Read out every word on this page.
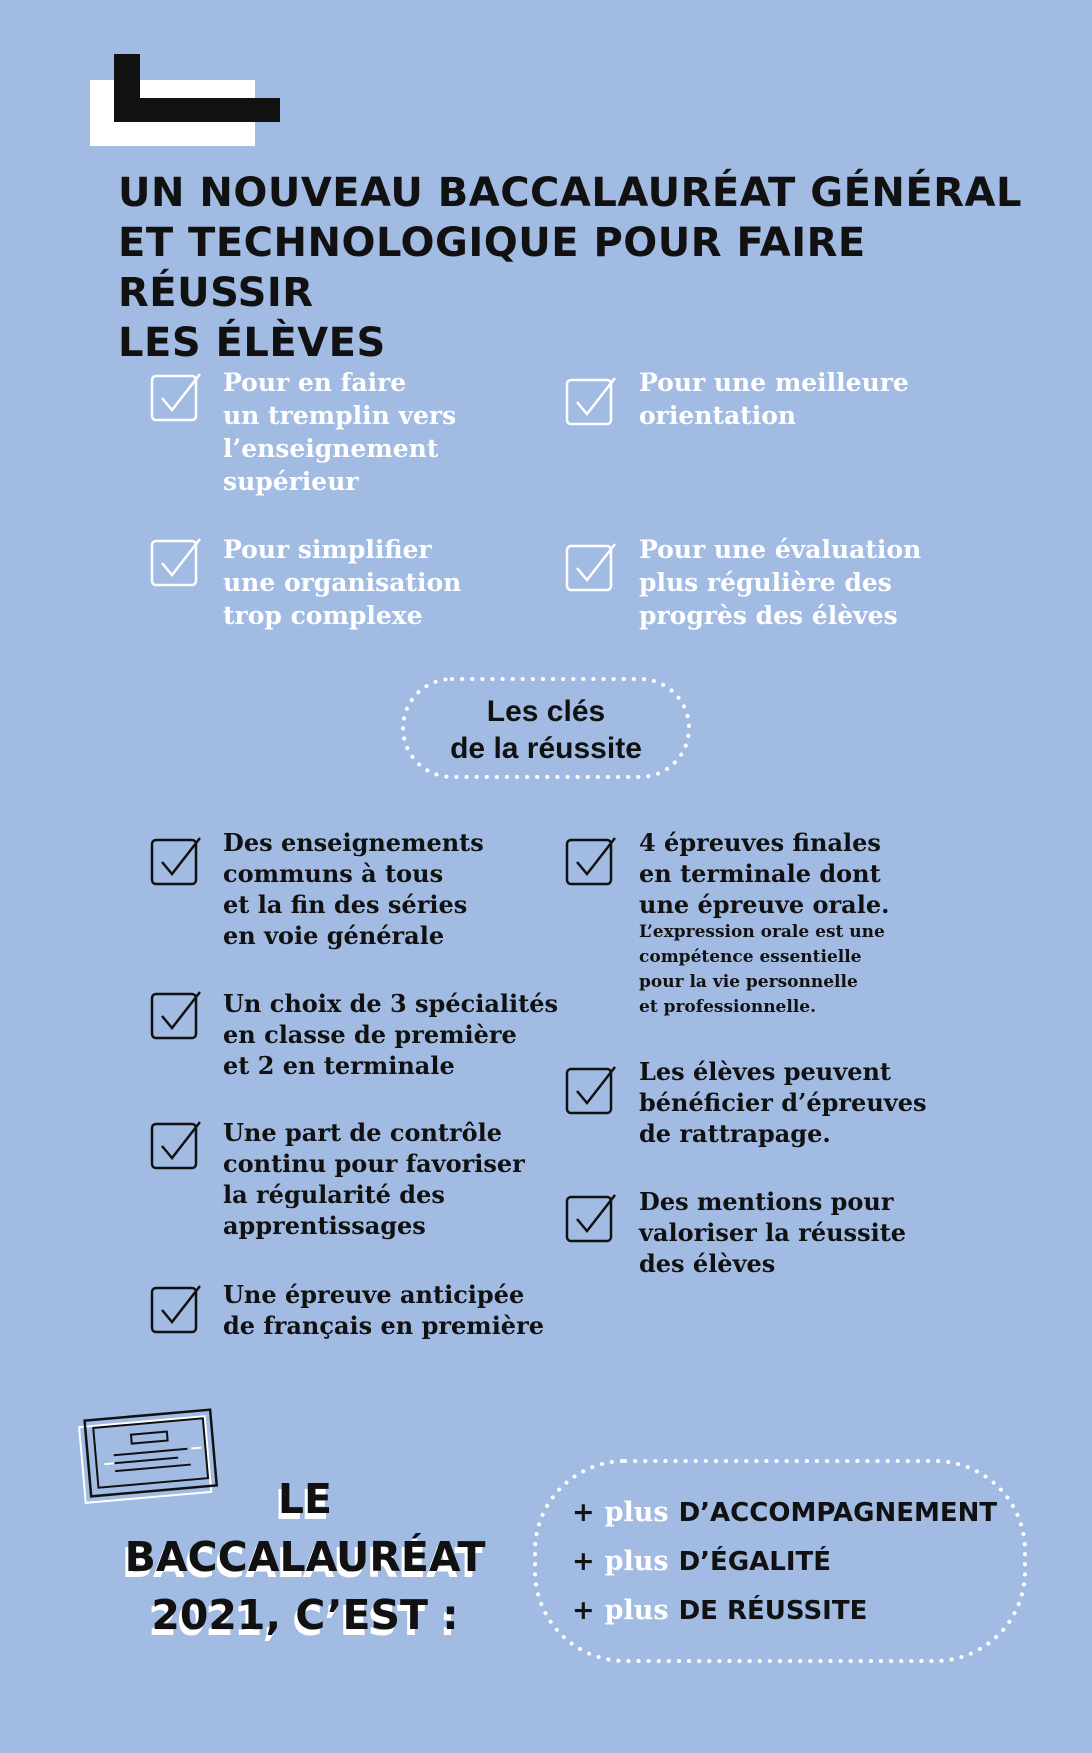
UN NOUVEAU BACCALAURÉAT GÉNÉRAL
ET TECHNOLOGIQUE POUR FAIRE RÉUSSIR
LES ÉLÈVES
Pour en faire
un tremplin vers
l’enseignement
supérieur
Pour une meilleure
orientation
Pour simplifier
une organisation
trop complexe
Pour une évaluation
plus régulière des
progrès des élèves
Les clés
de la réussite
Des enseignements
communs à tous
et la fin des séries
en voie générale
Un choix de 3 spécialités
en classe de première
et 2 en terminale
Une part de contrôle
continu pour favoriser
la régularité des
apprentissages
Une épreuve anticipée
de français en première
4 épreuves finales
en terminale dont
une épreuve orale.
L’expression orale est une
compétence essentielle
pour la vie personnelle
et professionnelle.
Les élèves peuvent
bénéficier d’épreuves
de rattrapage.
Des mentions pour
valoriser la réussite
des élèves
LE
BACCALAURÉAT
2021, C’EST :
+ plus D’ACCOMPAGNEMENT
+ plus D’ÉGALITÉ
+ plus DE RÉUSSITE
